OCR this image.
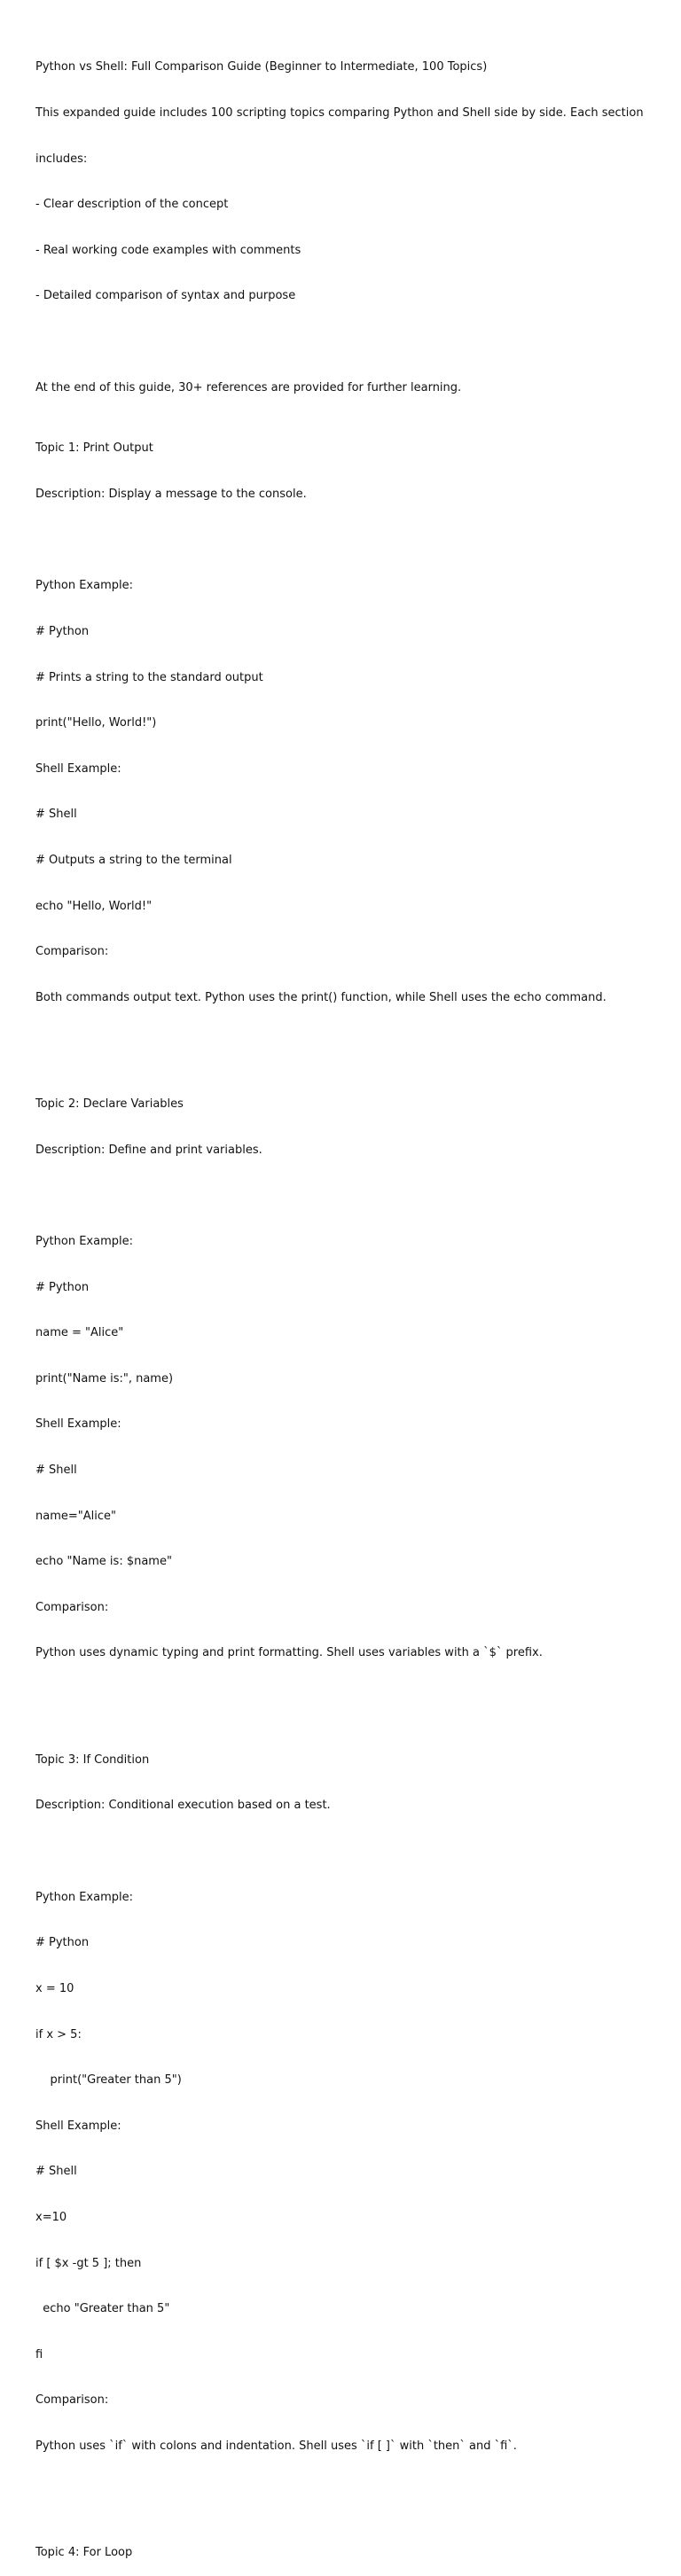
Python vs Shell: Full Comparison Guide (Beginner to Intermediate, 100 Topics)

This expanded guide includes 100 scripting topics comparing Python and Shell side by side. Each section

includes:

- Clear description of the concept

- Real working code examples with comments

- Detailed comparison of syntax and purpose

At the end of this guide, 30+ references are provided for further learning.

Topic 1: Print Output

Description: Display a message to the console.

Python Example:

# Python

# Prints a string to the standard output

print("Hello, World!")

Shell Example:

# Shell

# Outputs a string to the terminal

echo "Hello, World!"

Comparison:

Both commands output text. Python uses the print() function, while Shell uses the echo command.

Topic 2: Declare Variables

Description: Define and print variables.

Python Example:

# Python

name = "Alice"

print("Name is:", name)

Shell Example:

# Shell

name="Alice"

echo "Name is: $name"

Comparison:

Python uses dynamic typing and print formatting. Shell uses variables with a `$` prefix.

Topic 3: If Condition

Description: Conditional execution based on a test.

Python Example:

# Python

x = 10

if x > 5:

print("Greater than 5")

Shell Example:

# Shell

x=10

if [ $x -gt 5 ]; then

echo "Greater than 5"

fi

Comparison:

Python uses `if` with colons and indentation. Shell uses `if [ ]` with `then` and `fi`.

Topic 4: For Loop
